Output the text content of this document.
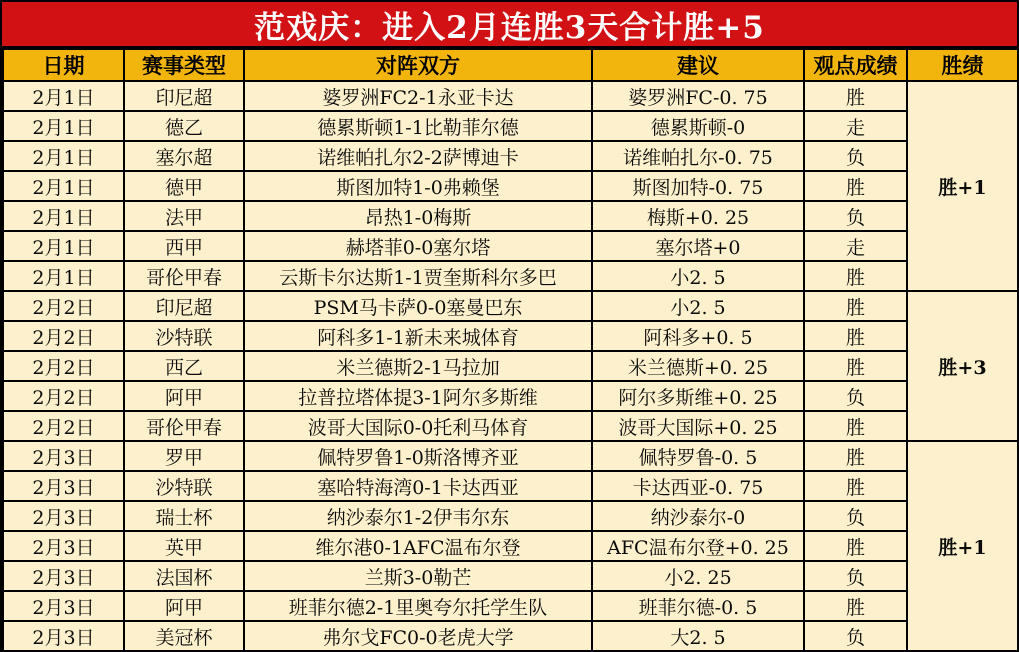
范戏庆：进入2月连胜3天合计胜+5
日期	赛事类型	对阵双方	建议	观点成绩	胜绩
2月1日	印尼超	婆罗洲FC2-1永亚卡达	婆罗洲FC-0. 75	胜	胜+1
2月1日	德乙	德累斯顿1-1比勒菲尔德	德累斯顿-0	走	
2月1日	塞尔超	诺维帕扎尔2-2萨博迪卡	诺维帕扎尔-0. 75	负	
2月1日	德甲	斯图加特1-0弗赖堡	斯图加特-0. 75	胜	
2月1日	法甲	昂热1-0梅斯	梅斯+0. 25	负	
2月1日	西甲	赫塔菲0-0塞尔塔	塞尔塔+0	走	
2月1日	哥伦甲春	云斯卡尔达斯1-1贾奎斯科尔多巴	小2. 5	胜	
2月2日	印尼超	PSM马卡萨0-0塞曼巴东	小2. 5	胜	胜+3
2月2日	沙特联	阿科多1-1新未来城体育	阿科多+0. 5	胜	
2月2日	西乙	米兰德斯2-1马拉加	米兰德斯+0. 25	胜	
2月2日	阿甲	拉普拉塔体提3-1阿尔多斯维	阿尔多斯维+0. 25	负	
2月2日	哥伦甲春	波哥大国际0-0托利马体育	波哥大国际+0. 25	胜	
2月3日	罗甲	佩特罗鲁1-0斯洛博齐亚	佩特罗鲁-0. 5	胜	胜+1
2月3日	沙特联	塞哈特海湾0-1卡达西亚	卡达西亚-0. 75	胜	
2月3日	瑞士杯	纳沙泰尔1-2伊韦尔东	纳沙泰尔-0	负	
2月3日	英甲	维尔港0-1AFC温布尔登	AFC温布尔登+0. 25	胜	
2月3日	法国杯	兰斯3-0勒芒	小2. 25	负	
2月3日	阿甲	班菲尔德2-1里奥夸尔托学生队	班菲尔德-0. 5	胜	
2月3日	美冠杯	弗尔戈FC0-0老虎大学	大2. 5	负	
